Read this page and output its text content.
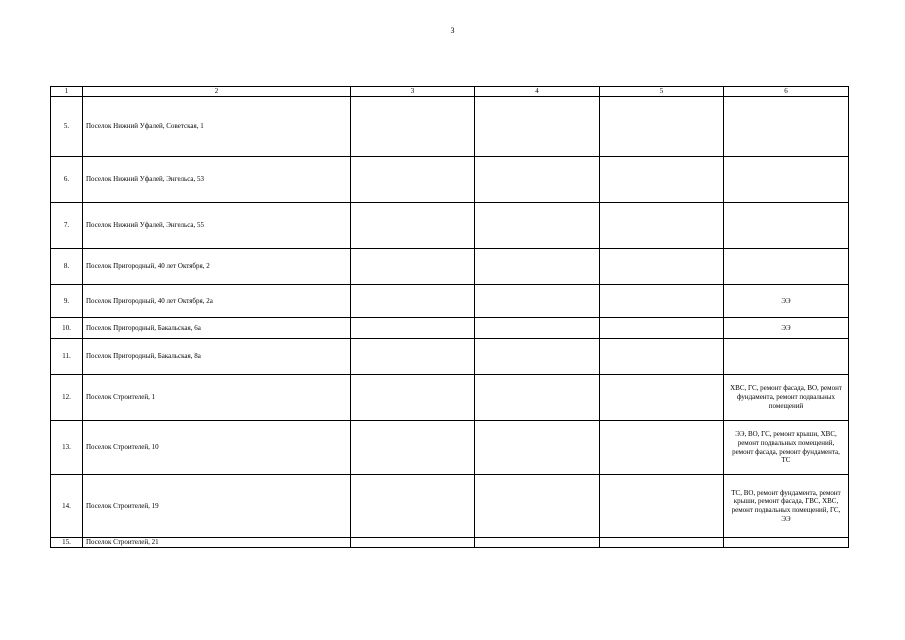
3
1	2	3	4	5	6
5.	Поселок Нижний Уфалей, Советская, 1				
6.	Поселок Нижний Уфалей, Энгельса, 53				
7.	Поселок Нижний Уфалей, Энгельса, 55				
8.	Поселок Пригородный, 40 лет Октября, 2				
9.	Поселок Пригородный, 40 лет Октября, 2а				ЭЭ
10.	Поселок Пригородный, Бакальская, 6а				ЭЭ
11.	Поселок Пригородный, Бакальская, 8а				
12.	Поселок Строителей, 1				ХВС, ГС, ремонт фасада, ВО, ремонт фундамента, ремонт подвальных помещений
13.	Поселок Строителей, 10				ЭЭ, ВО, ГС, ремонт крыши, ХВС, ремонт подвальных помещений, ремонт фасада, ремонт фундамента, ТС
14.	Поселок Строителей, 19				ТС, ВО, ремонт фундамента, ремонт крыши, ремонт фасада, ГВС, ХВС, ремонт подвальных помещений, ГС, ЭЭ
15.	Поселок Строителей, 21				
